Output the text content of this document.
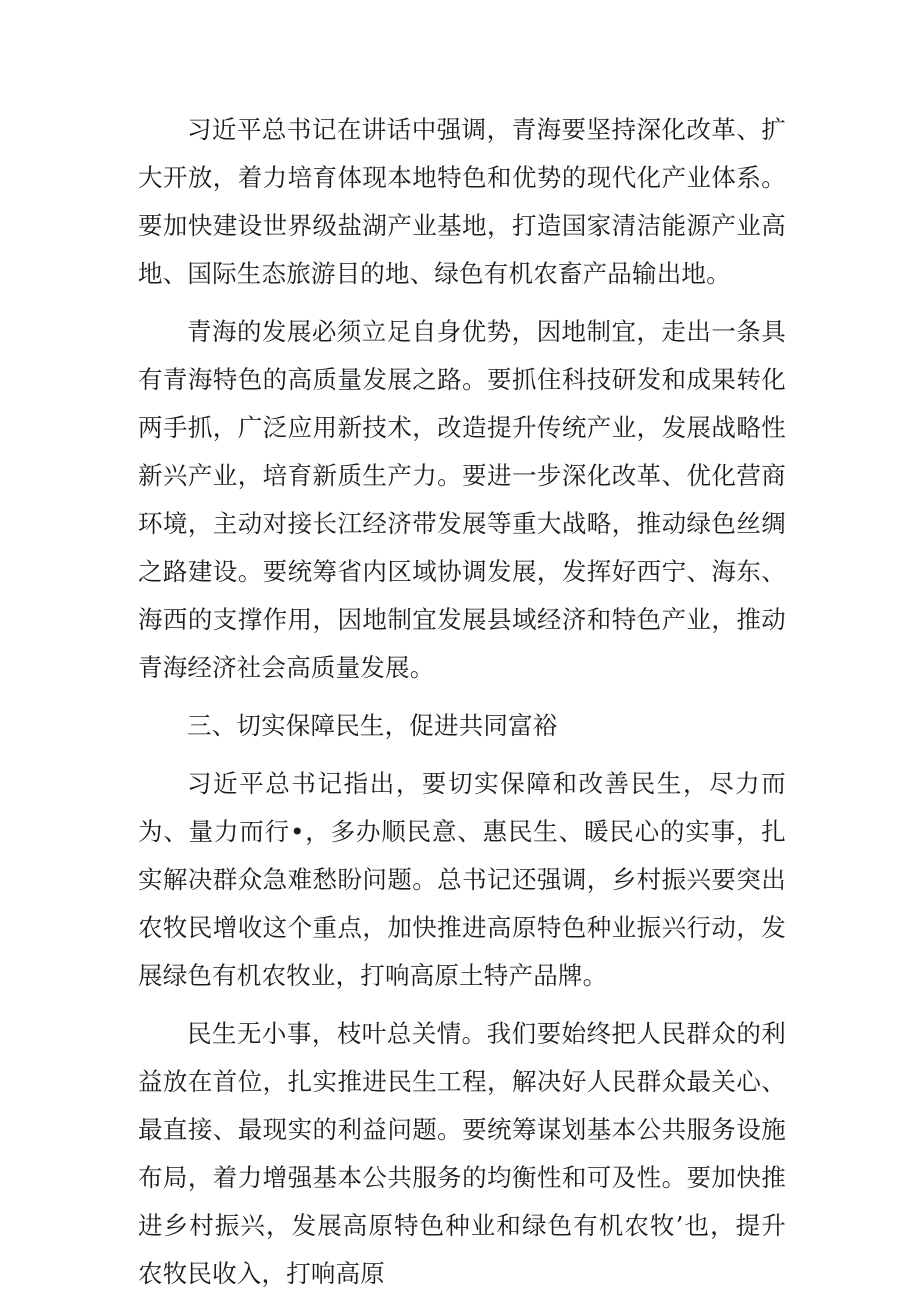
习近平总书记在讲话中强调，青海要坚持深化改革、扩大开放，着力培育体现本地特色和优势的现代化产业体系。要加快建设世界级盐湖产业基地，打造国家清洁能源产业高地、国际生态旅游目的地、绿色有机农畜产品输出地。

青海的发展必须立足自身优势，因地制宜，走出一条具有青海特色的高质量发展之路。要抓住科技研发和成果转化两手抓，广泛应用新技术，改造提升传统产业，发展战略性新兴产业，培育新质生产力。要进一步深化改革、优化营商环境，主动对接长江经济带发展等重大战略，推动绿色丝绸之路建设。要统筹省内区域协调发展，发挥好西宁、海东、海西的支撑作用，因地制宜发展县域经济和特色产业，推动青海经济社会高质量发展。

三、切实保障民生，促进共同富裕

习近平总书记指出，要切实保障和改善民生，尽力而为、量力而行•，多办顺民意、惠民生、暖民心的实事，扎实解决群众急难愁盼问题。总书记还强调，乡村振兴要突出农牧民增收这个重点，加快推进高原特色种业振兴行动，发展绿色有机农牧业，打响高原土特产品牌。

民生无小事，枝叶总关情。我们要始终把人民群众的利益放在首位，扎实推进民生工程，解决好人民群众最关心、最直接、最现实的利益问题。要统筹谋划基本公共服务设施布局，着力增强基本公共服务的均衡性和可及性。要加快推进乡村振兴，发展高原特色种业和绿色有机农牧’也，提升农牧民收入，打响高原
